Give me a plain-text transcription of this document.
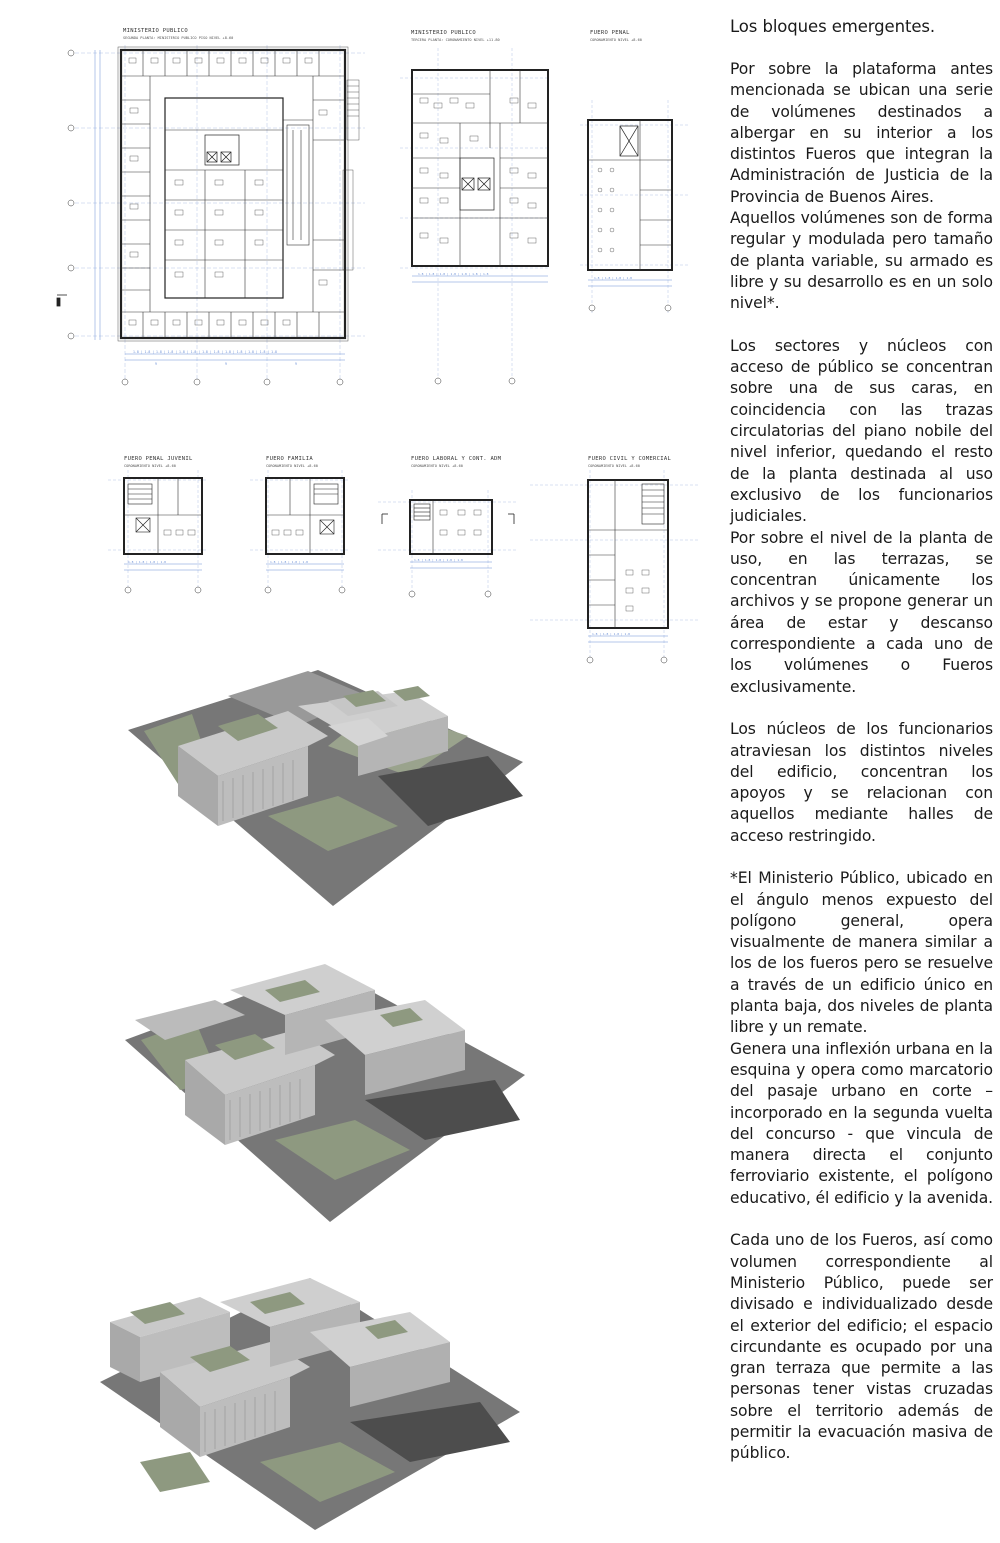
Los bloques emergentes.

Por sobre la plataforma antes mencionada se ubican una serie de volúmenes destinados a albergar en su interior a los distintos Fueros que integran la Administración de Justicia de la Provincia de Buenos Aires.

Aquellos volúmenes son de forma regular y modulada pero tamaño de planta variable, su armado es libre y su desarrollo es en un solo nivel*.

Los sectores y núcleos con acceso de público se concentran sobre una de sus caras, en coincidencia con las trazas circulatorias del piano nobile del nivel inferior, quedando el resto de la planta destinada al uso exclusivo de los funcionarios judiciales.

Por sobre el nivel de la planta de uso, en las terrazas, se concentran únicamente los archivos y se propone generar un área de estar y descanso correspondiente a cada uno de los volúmenes o Fueros exclusivamente.

Los núcleos de los funcionarios atraviesan los distintos niveles del edificio, concentran los apoyos y se relacionan con aquellos mediante halles de acceso restringido.

*El Ministerio Público, ubicado en el ángulo menos expuesto del polígono general, opera visualmente de manera similar a los de los fueros pero se resuelve a través de un edificio único en planta baja, dos niveles de planta libre y un remate.

Genera una inflexión urbana en la esquina y opera como marcatorio del pasaje urbano en corte – incorporado en la segunda vuelta del concurso - que vincula de manera directa el conjunto ferroviario existente, el polígono educativo, él edificio y la avenida.

Cada uno de los Fueros, así como volumen correspondiente al Ministerio Público, puede ser divisado e individualizado desde el exterior del edificio; el espacio circundante es ocupado por una gran terraza que permite a las personas tener vistas cruzadas sobre el territorio además de permitir la evacuación masiva de público.

MINISTERIO PUBLICO
SEGUNDA PLANTA: MINISTERIO PUBLICO PISO NIVEL +8.60
MINISTERIO PUBLICO
TERCERA PLANTA: CORONAMIENTO NIVEL +11.80
FUERO PENAL
CORONAMIENTO NIVEL +8.60
FUERO PENAL JUVENIL
CORONAMIENTO NIVEL +8.60
FUERO FAMILIA
CORONAMIENTO NIVEL +8.60
FUERO LABORAL Y CONT. ADM
CORONAMIENTO NIVEL +8.60
FUERO CIVIL Y COMERCIAL
CORONAMIENTO NIVEL +8.60
1.8 | 1.8 | 1.8 | 1.8 | 1.8 | 1.8 | 1.8 | 1.8 | 1.8 | 1.8 | 1.8 | 1.8 | 1.8
9	9	9
1.8 | 1.8 | 1.8 | 1.8 | 1.8 | 1.8 | 1.8
1.8 | 1.8 | 1.8 | 1.8
1.8 | 1.8 | 1.8 | 1.8	1.8 | 1.8 | 1.8 | 1.8	1.8 | 1.8 | 1.8 | 1.8 | 1.8
1.8 | 1.8 | 1.8 | 1.8
